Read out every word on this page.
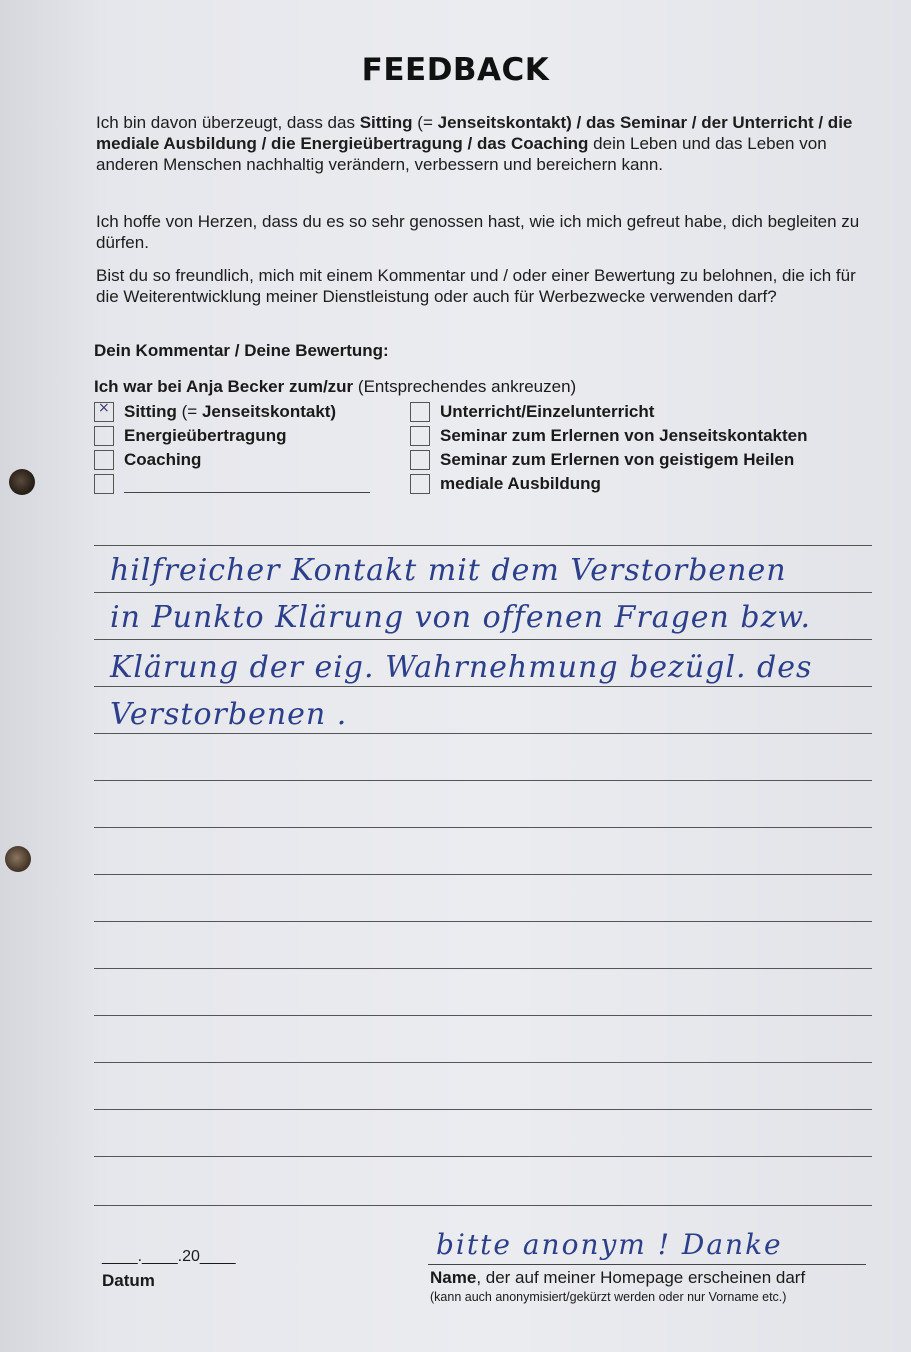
FEEDBACK
Ich bin davon überzeugt, dass das Sitting (= Jenseitskontakt) / das Seminar / der Unterricht / die mediale Ausbildung / die Energieübertragung / das Coaching dein Leben und das Leben von anderen Menschen nachhaltig verändern, verbessern und bereichern kann.
Ich hoffe von Herzen, dass du es so sehr genossen hast, wie ich mich gefreut habe, dich begleiten zu dürfen.
Bist du so freundlich, mich mit einem Kommentar und / oder einer Bewertung zu belohnen, die ich für die Weiterentwicklung meiner Dienstleistung oder auch für Werbezwecke verwenden darf?
Dein Kommentar / Deine Bewertung:
Ich war bei Anja Becker zum/zur (Entsprechendes ankreuzen)
× Sitting (= Jenseitskontakt)
Energieübertragung
Coaching
Unterricht/Einzelunterricht
Seminar zum Erlernen von Jenseitskontakten
Seminar zum Erlernen von geistigem Heilen
mediale Ausbildung
hilfreicher Kontakt mit dem Verstorbenen
in Punkto Klärung von offenen Fragen bzw.
Klärung der eig. Wahrnehmung bezügl. des
Verstorbenen .
____.____.20____
Datum
bitte anonym ! Danke
Name, der auf meiner Homepage erscheinen darf
(kann auch anonymisiert/gekürzt werden oder nur Vorname etc.)
